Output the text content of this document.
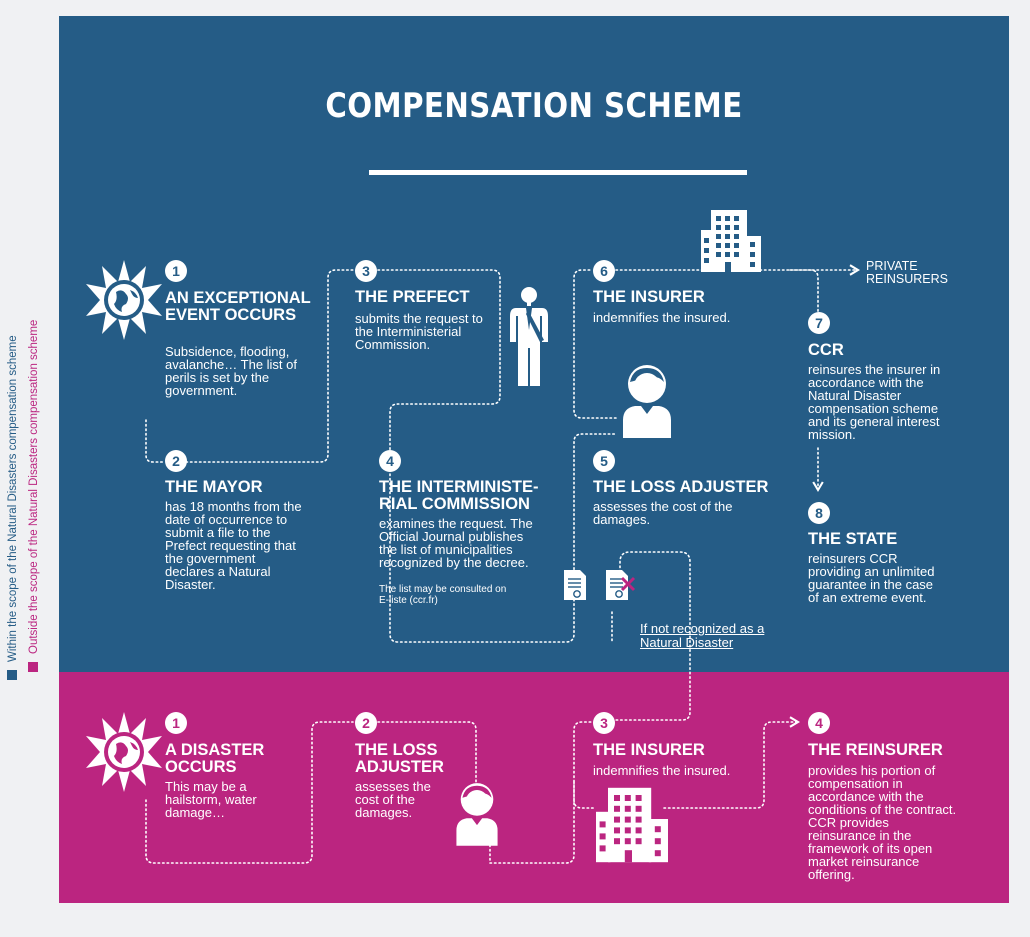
COMPENSATION SCHEME
Within the scope of the Natural Disasters compensation scheme Outside the scope of the Natural Disasters compensation scheme
1
AN EXCEPTIONAL EVENT OCCURS
Subsidence, flooding, avalanche… The list of perils is set by the government.
2
THE MAYOR
has 18 months from the date of occurrence to submit a file to the Prefect requesting that the government declares a Natural Disaster.
3
THE PREFECT
submits the request to the Interministerial Commission.
4
THE INTERMINISTE- RIAL COMMISSION
examines the request. The Official Journal publishes the list of municipalities recognized by the decree.
The list may be consulted on E-liste (ccr.fr)
5
THE LOSS ADJUSTER
assesses the cost of the damages.
6
THE INSURER
indemnifies the insured.	7
CCR
reinsures the insurer in accordance with the Natural Disaster compensation scheme and its general interest mission.
8
THE STATE
reinsurers CCR providing an unlimited guarantee in the case of an extreme event.
PRIVATE REINSURERS
If not recognized as a Natural Disaster
1
A DISASTER OCCURS
This may be a hailstorm, water damage…
2
THE LOSS ADJUSTER
assesses the cost of the damages.
3
THE INSURER
indemnifies the insured.
4
THE REINSURER
provides his portion of compensation in accordance with the conditions of the contract. CCR provides reinsurance in the framework of its open market reinsurance offering.
